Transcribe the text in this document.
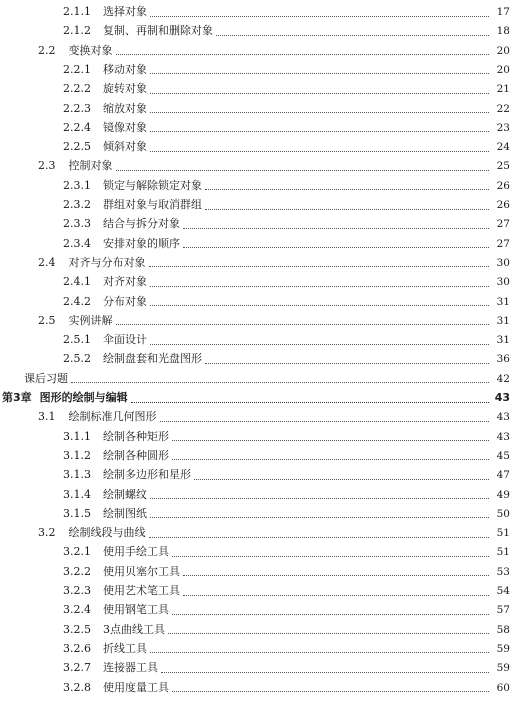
2.1.1 选择对象	17
2.1.2 复制、再制和删除对象	18
2.2 变换对象	20
2.2.1 移动对象	20
2.2.2 旋转对象	21
2.2.3 缩放对象	22
2.2.4 镜像对象	23
2.2.5 倾斜对象	24
2.3 控制对象	25
2.3.1 锁定与解除锁定对象	26
2.3.2 群组对象与取消群组	26
2.3.3 结合与拆分对象	27
2.3.4 安排对象的顺序	27
2.4 对齐与分布对象	30
2.4.1 对齐对象	30
2.4.2 分布对象	31
2.5 实例讲解	31
2.5.1 伞面设计	31
2.5.2 绘制盘套和光盘图形	36
课后习题	42
第3章 图形的绘制与编辑	43
3.1 绘制标准几何图形	43
3.1.1 绘制各种矩形	43
3.1.2 绘制各种圆形	45
3.1.3 绘制多边形和星形	47
3.1.4 绘制螺纹	49
3.1.5 绘制图纸	50
3.2 绘制线段与曲线	51
3.2.1 使用手绘工具	51
3.2.2 使用贝塞尔工具	53
3.2.3 使用艺术笔工具	54
3.2.4 使用钢笔工具	57
3.2.5 3点曲线工具	58
3.2.6 折线工具	59
3.2.7 连接器工具	59
3.2.8 使用度量工具	60
